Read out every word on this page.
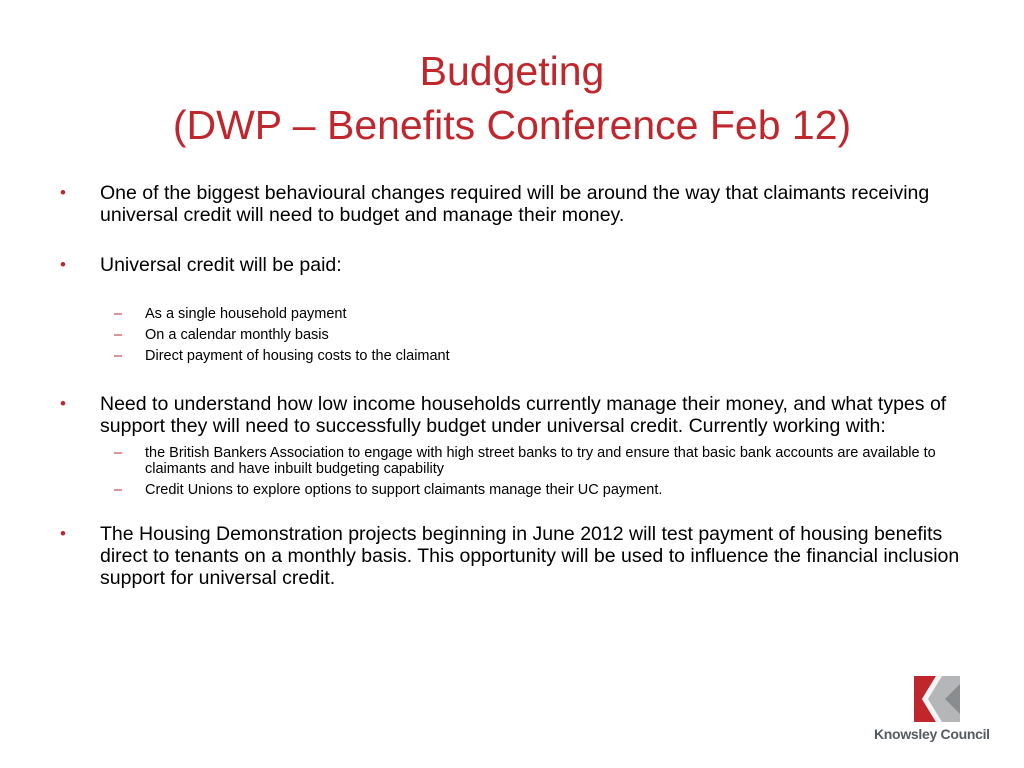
Budgeting
(DWP – Benefits Conference Feb 12)
• One of the biggest behavioural changes required will be around the way that claimants receiving universal credit will need to budget and manage their money.
• Universal credit will be paid:
– As a single household payment
– On a calendar monthly basis
– Direct payment of housing costs to the claimant
• Need to understand how low income households currently manage their money, and what types of support they will need to successfully budget under universal credit. Currently working with:
– the British Bankers Association to engage with high street banks to try and ensure that basic bank accounts are available to claimants and have inbuilt budgeting capability
– Credit Unions to explore options to support claimants manage their UC payment.
• The Housing Demonstration projects beginning in June 2012 will test payment of housing benefits direct to tenants on a monthly basis. This opportunity will be used to influence the financial inclusion support for universal credit.
Knowsley Council
